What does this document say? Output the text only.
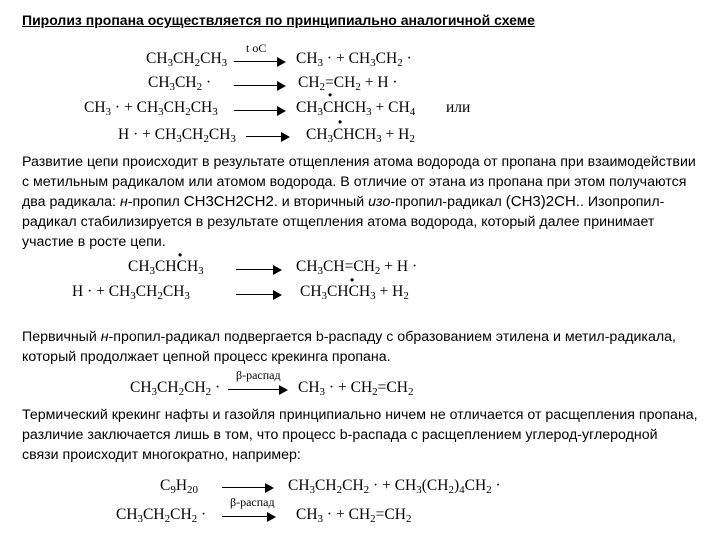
Пиролиз пропана осуществляется по принципиально аналогичной схеме
$CH_3CH_2CH_3$
t oC
$CH_3$ · + $CH_3CH_2$ ·
$CH_3CH_2$ ·	$CH_2=CH_2 + H$ ·
$CH_3$ · + $CH_3CH_2CH_3$
•
$CH_3CHCH_3 + CH_4$ или
H · + $CH_3CH_2CH_3$
•
$CH_3CHCH_3 + H_2$
Развитие цепи происходит в результате отщепления атома водорода от пропана при взаимодействии с метильным радикалом или атомом водорода. В отличие от этана из пропана при этом получаются два радикала: н-пропил CH3CH2CH2. и вторичный изо-пропил-радикал (CH3)2CH.. Изопропил-радикал стабилизируется в результате отщепления атома водорода, который далее принимает участие в росте цепи.
•
$CH_3CHCH_3$	$CH_3CH=CH_2 + H$ ·
H · + $CH_3CH_2CH_3$
•
$CH_3CHCH_3 + H_2$
Первичный н-пропил-радикал подвергается b-распаду с образованием этилена и метил-радикала, который продолжает цепной процесс крекинга пропана.
$CH_3CH_2CH_2$ ·
β-распад
$CH_3$ · + $CH_2=CH_2$
Термический крекинг нафты и газойля принципиально ничем не отличается от расщепления пропана, различие заключается лишь в том, что процесс b-распада с расщеплением углерод-углеродной связи происходит многократно, например:
$C_9H_{20}$	$CH_3CH_2CH_2$ · + $CH_3(CH_2)_4CH_2$ ·
$CH_3CH_2CH_2$ ·
β-распад
$CH_3$ · + $CH_2=CH_2$
